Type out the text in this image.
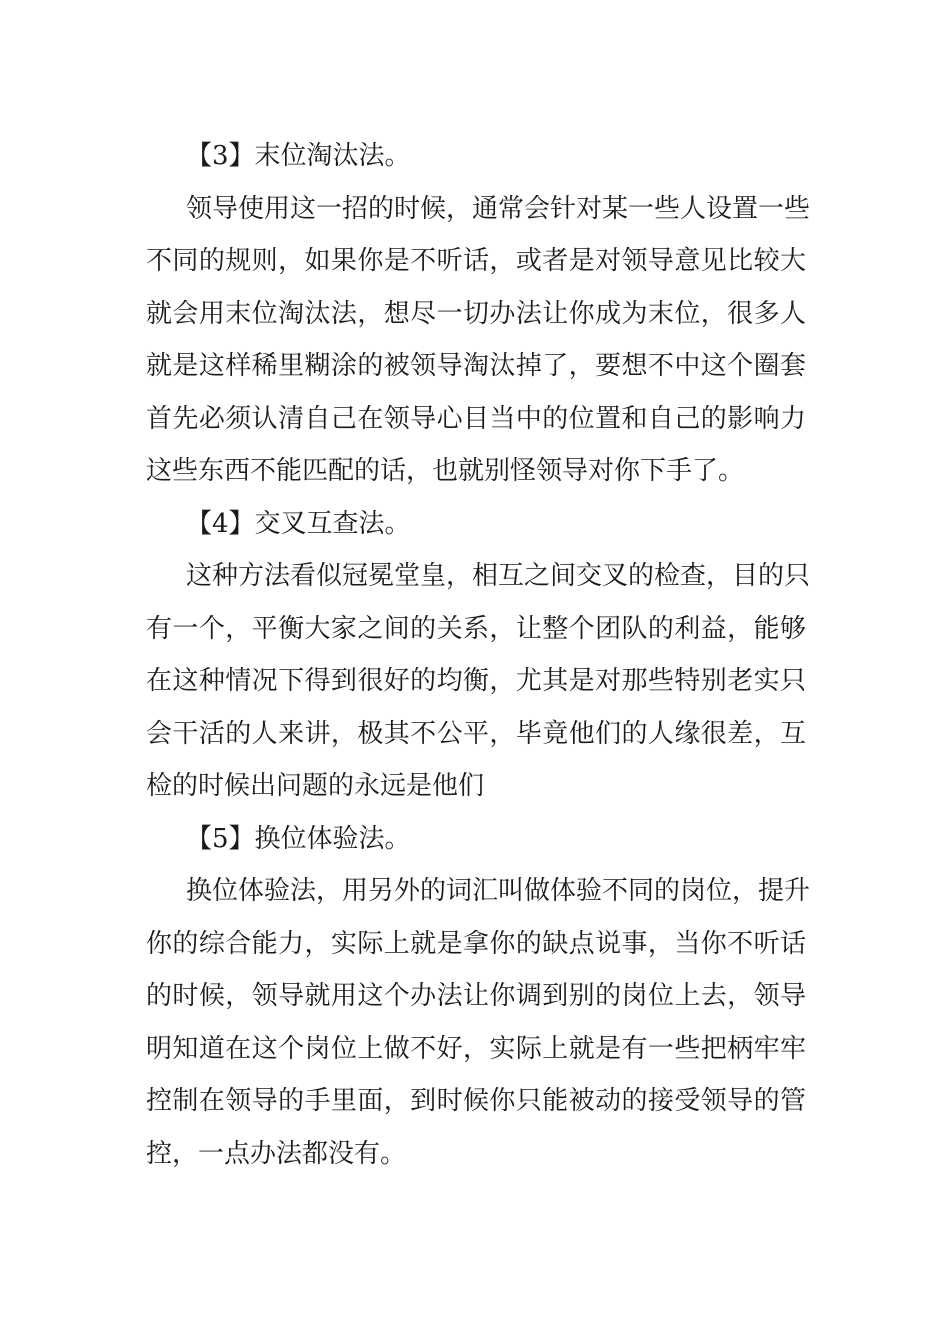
【3】末位淘汰法。

领导使用这一招的时候，通常会针对某一些人设置一些

不同的规则，如果你是不听话，或者是对领导意见比较大

就会用末位淘汰法，想尽一切办法让你成为末位，很多人

就是这样稀里糊涂的被领导淘汰掉了，要想不中这个圈套

首先必须认清自己在领导心目当中的位置和自己的影响力

这些东西不能匹配的话，也就别怪领导对你下手了。

【4】交叉互查法。

这种方法看似冠冕堂皇，相互之间交叉的检查，目的只

有一个，平衡大家之间的关系，让整个团队的利益，能够

在这种情况下得到很好的均衡，尤其是对那些特别老实只

会干活的人来讲，极其不公平，毕竟他们的人缘很差，互

检的时候出问题的永远是他们

【5】换位体验法。

换位体验法，用另外的词汇叫做体验不同的岗位，提升

你的综合能力，实际上就是拿你的缺点说事，当你不听话

的时候，领导就用这个办法让你调到别的岗位上去，领导

明知道在这个岗位上做不好，实际上就是有一些把柄牢牢

控制在领导的手里面，到时候你只能被动的接受领导的管

控，一点办法都没有。
